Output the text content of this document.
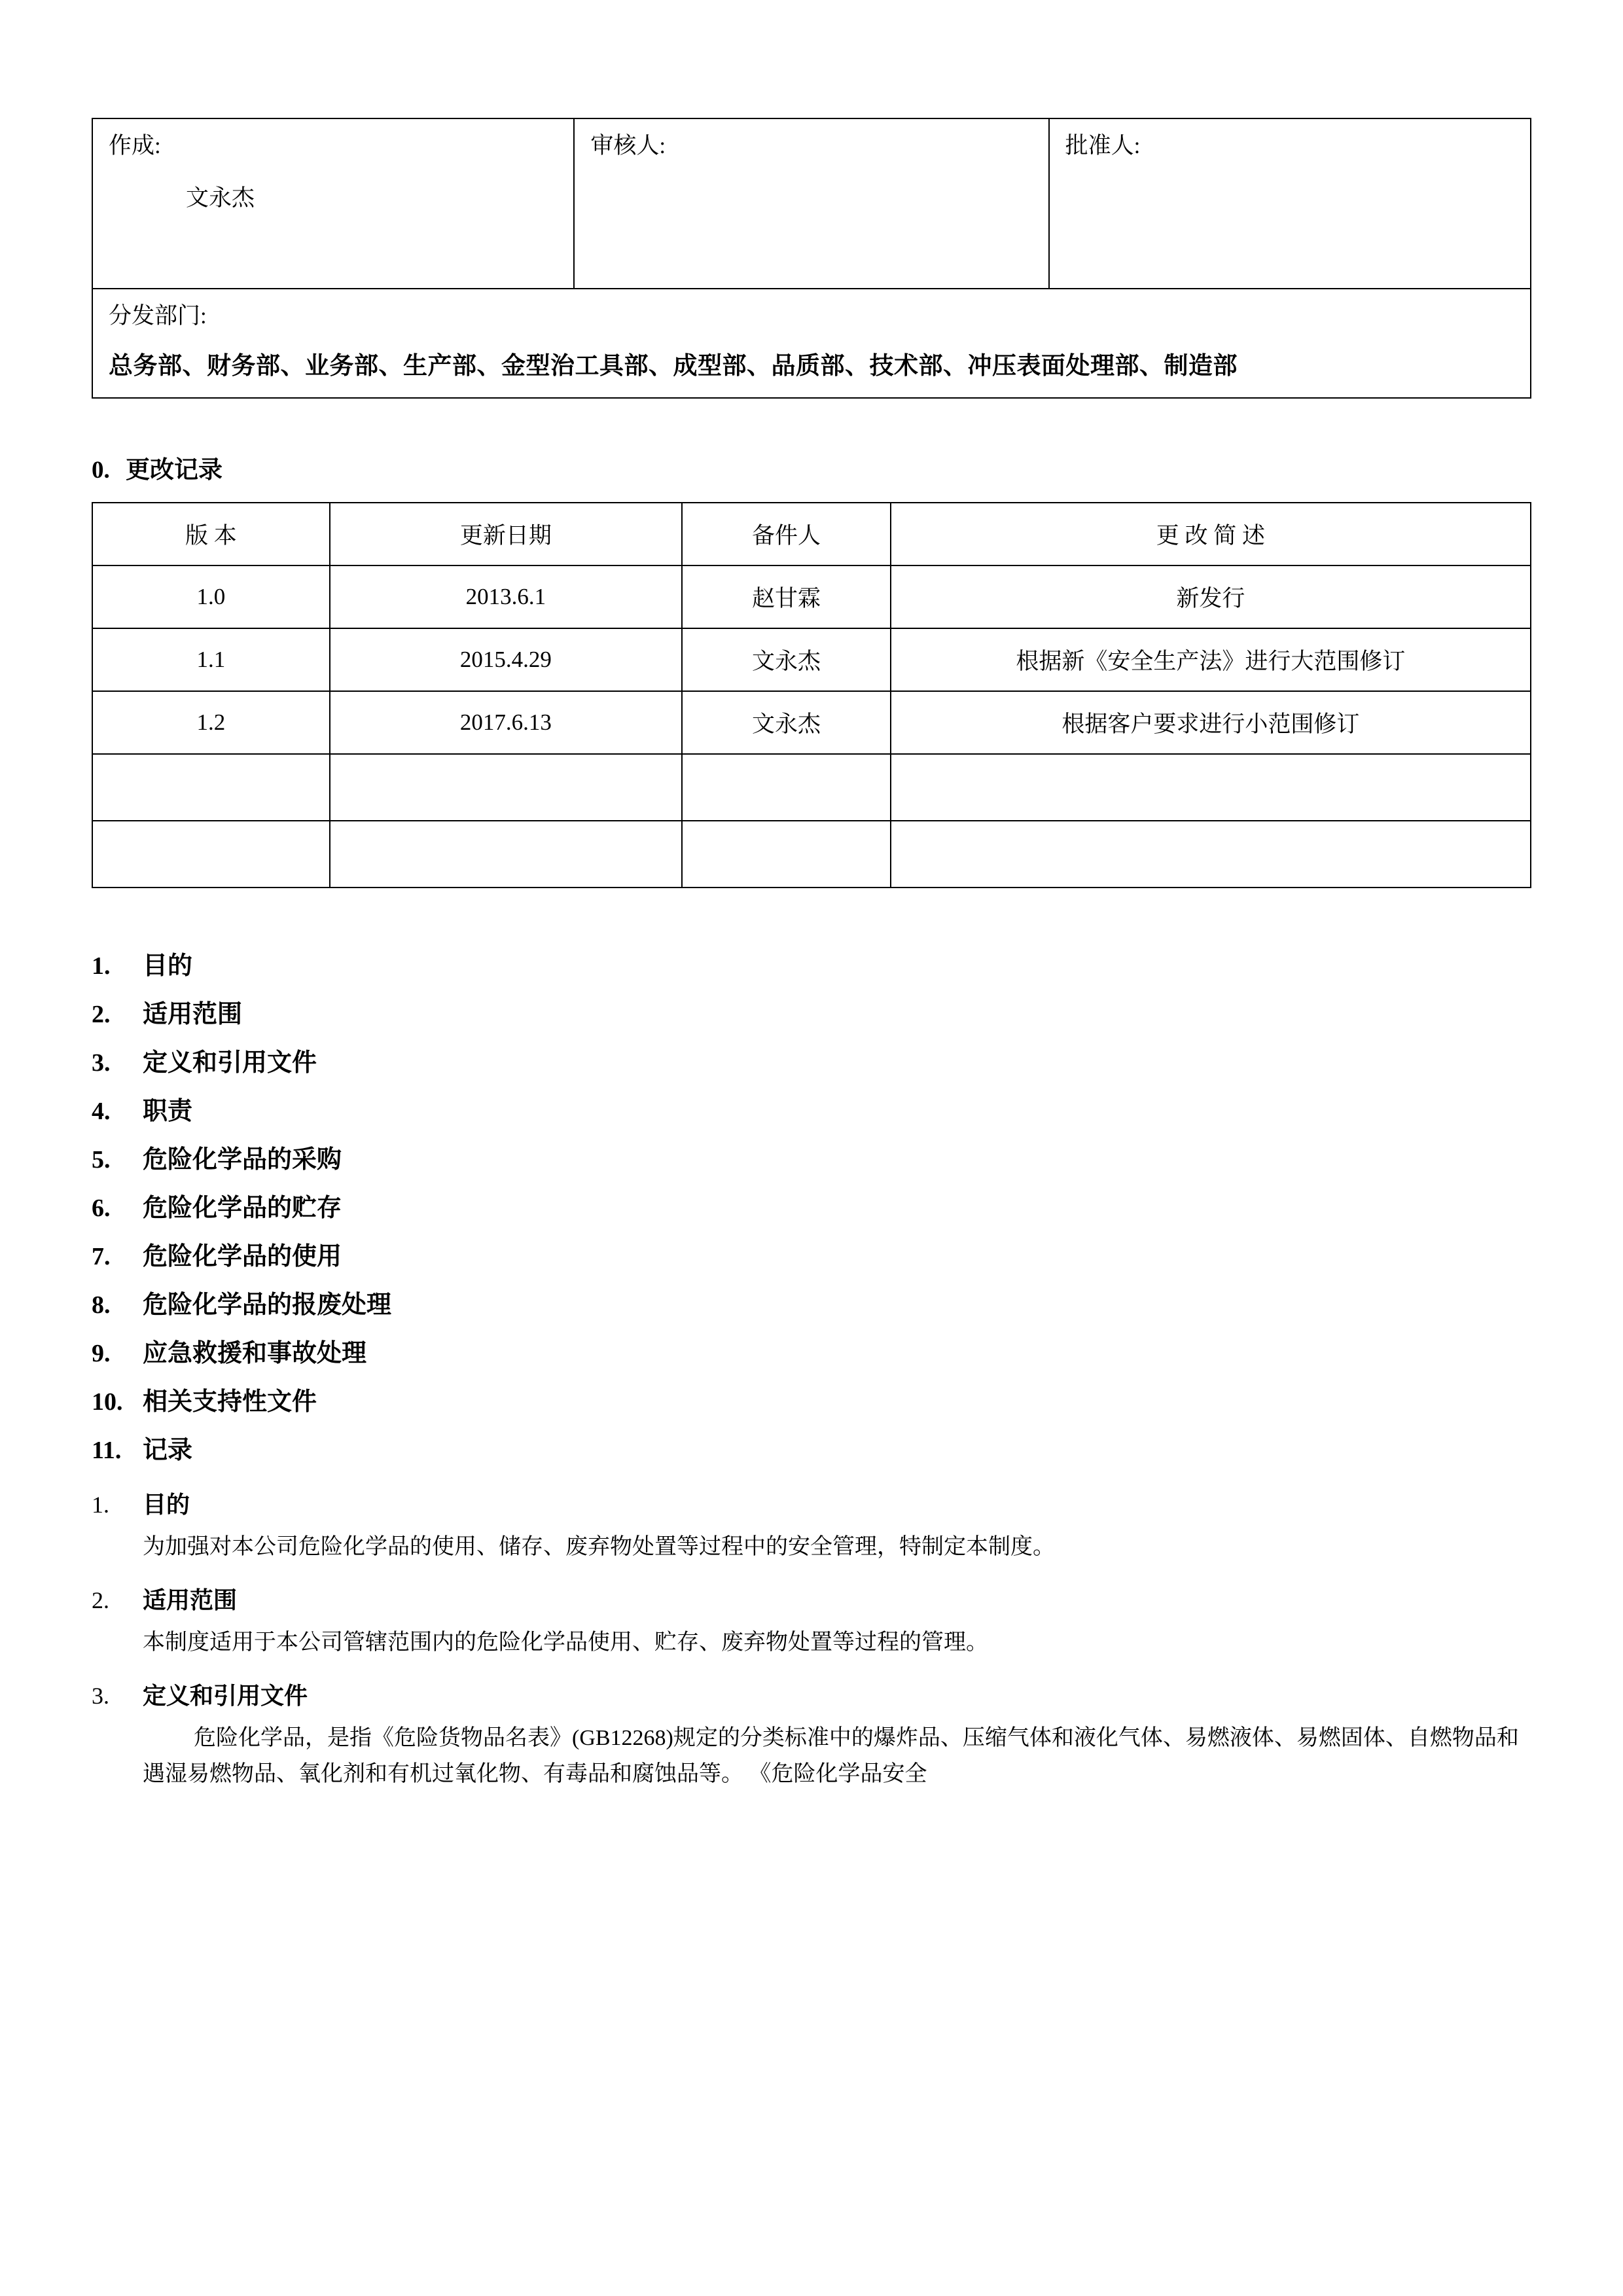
作成:
文永杰

审核人:	批准人:

分发部门:
总务部、财务部、业务部、生产部、金型治工具部、成型部、品质部、技术部、冲压表面处理部、制造部
0. 更改记录
版 本	更新日期	备件人	更 改 简 述
1.0	2013.6.1	赵甘霖	新发行
1.1	2015.4.29	文永杰	根据新《安全生产法》进行大范围修订
1.2	2017.6.13	文永杰	根据客户要求进行小范围修订

1.	目的
2.	适用范围
3.	定义和引用文件
4.	职责
5.	危险化学品的采购
6.	危险化学品的贮存
7.	危险化学品的使用
8.	危险化学品的报废处理
9.	应急救援和事故处理
10. 相关支持性文件
11. 记录
1.	目的
为加强对本公司危险化学品的使用、储存、废弃物处置等过程中的安全管理，特制定本制度。
2.	适用范围
本制度适用于本公司管辖范围内的危险化学品使用、贮存、废弃物处置等过程的管理。
3.	定义和引用文件
危险化学品，是指《危险货物品名表》(GB12268)规定的分类标准中的爆炸品、压缩气体和液化气体、易燃液体、易燃固体、自燃物品和遇湿易燃物品、氧化剂和有机过氧化物、有毒品和腐蚀品等。 《危险化学品安全
